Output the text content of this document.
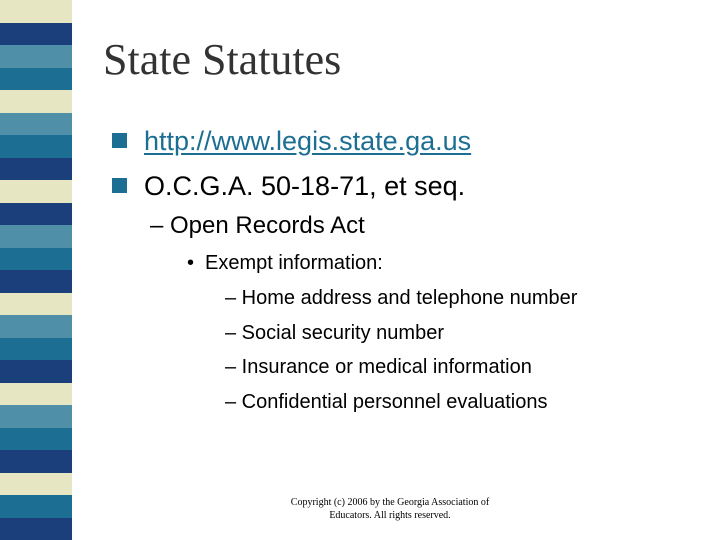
State Statutes
http://www.legis.state.ga.us
O.C.G.A. 50-18-71, et seq.
– Open Records Act
• Exempt information:
– Home address and telephone number
– Social security number
– Insurance or medical information
– Confidential personnel evaluations
Copyright (c) 2006 by the Georgia Association of
Educators. All rights reserved.
